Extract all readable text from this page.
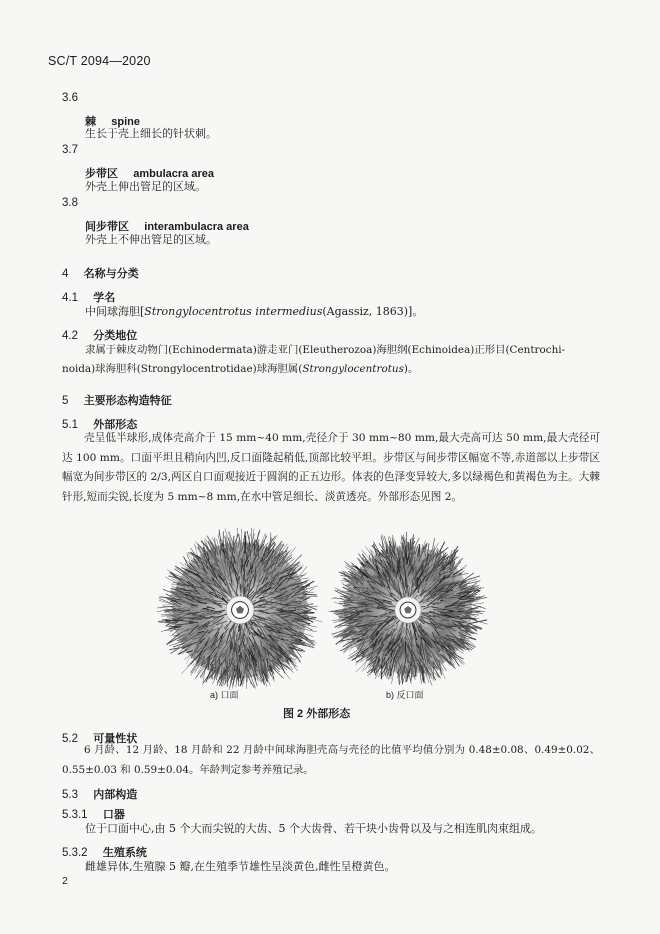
SC/T 2094—2020
3.6
棘 spine
生长于壳上细长的针状刺。
3.7
步带区 ambulacra area
外壳上伸出管足的区域。
3.8
间步带区 interambulacra area
外壳上不伸出管足的区域。
4 名称与分类
4.1 学名
中间球海胆[Strongylocentrotus intermedius(Agassiz, 1863)]。
4.2 分类地位
隶属于棘皮动物门(Echinodermata)游走亚门(Eleutherozoa)海胆纲(Echinoidea)正形目(Centrochi-
noida)球海胆科(Strongylocentrotidae)球海胆属(Strongylocentrotus)。
5 主要形态构造特征
5.1 外部形态
壳呈低半球形,成体壳高介于 15 mm~40 mm,壳径介于 30 mm~80 mm,最大壳高可达 50 mm,最大壳径可达 100 mm。口面平坦且稍向内凹,反口面隆起稍低,顶部比较平坦。步带区与间步带区幅宽不等,赤道部以上步带区幅宽为间步带区的 2/3,两区自口面观接近于圆润的正五边形。体表的色泽变异较大,多以绿褐色和黄褐色为主。大棘针形,短而尖锐,长度为 5 mm~8 mm,在水中管足细长、淡黄透亮。外部形态见图 2。
a) 口面	b) 反口面
图 2 外部形态
5.2 可量性状
6 月龄、12 月龄、18 月龄和 22 月龄中间球海胆壳高与壳径的比值平均值分别为 0.48±0.08、0.49±0.02、0.55±0.03 和 0.59±0.04。年龄判定参考养殖记录。
5.3 内部构造
5.3.1 口器
位于口面中心,由 5 个大而尖锐的大齿、5 个大齿骨、若干块小齿骨以及与之相连肌肉束组成。
5.3.2 生殖系统
雌雄异体,生殖腺 5 瓣,在生殖季节雄性呈淡黄色,雌性呈橙黄色。
2
